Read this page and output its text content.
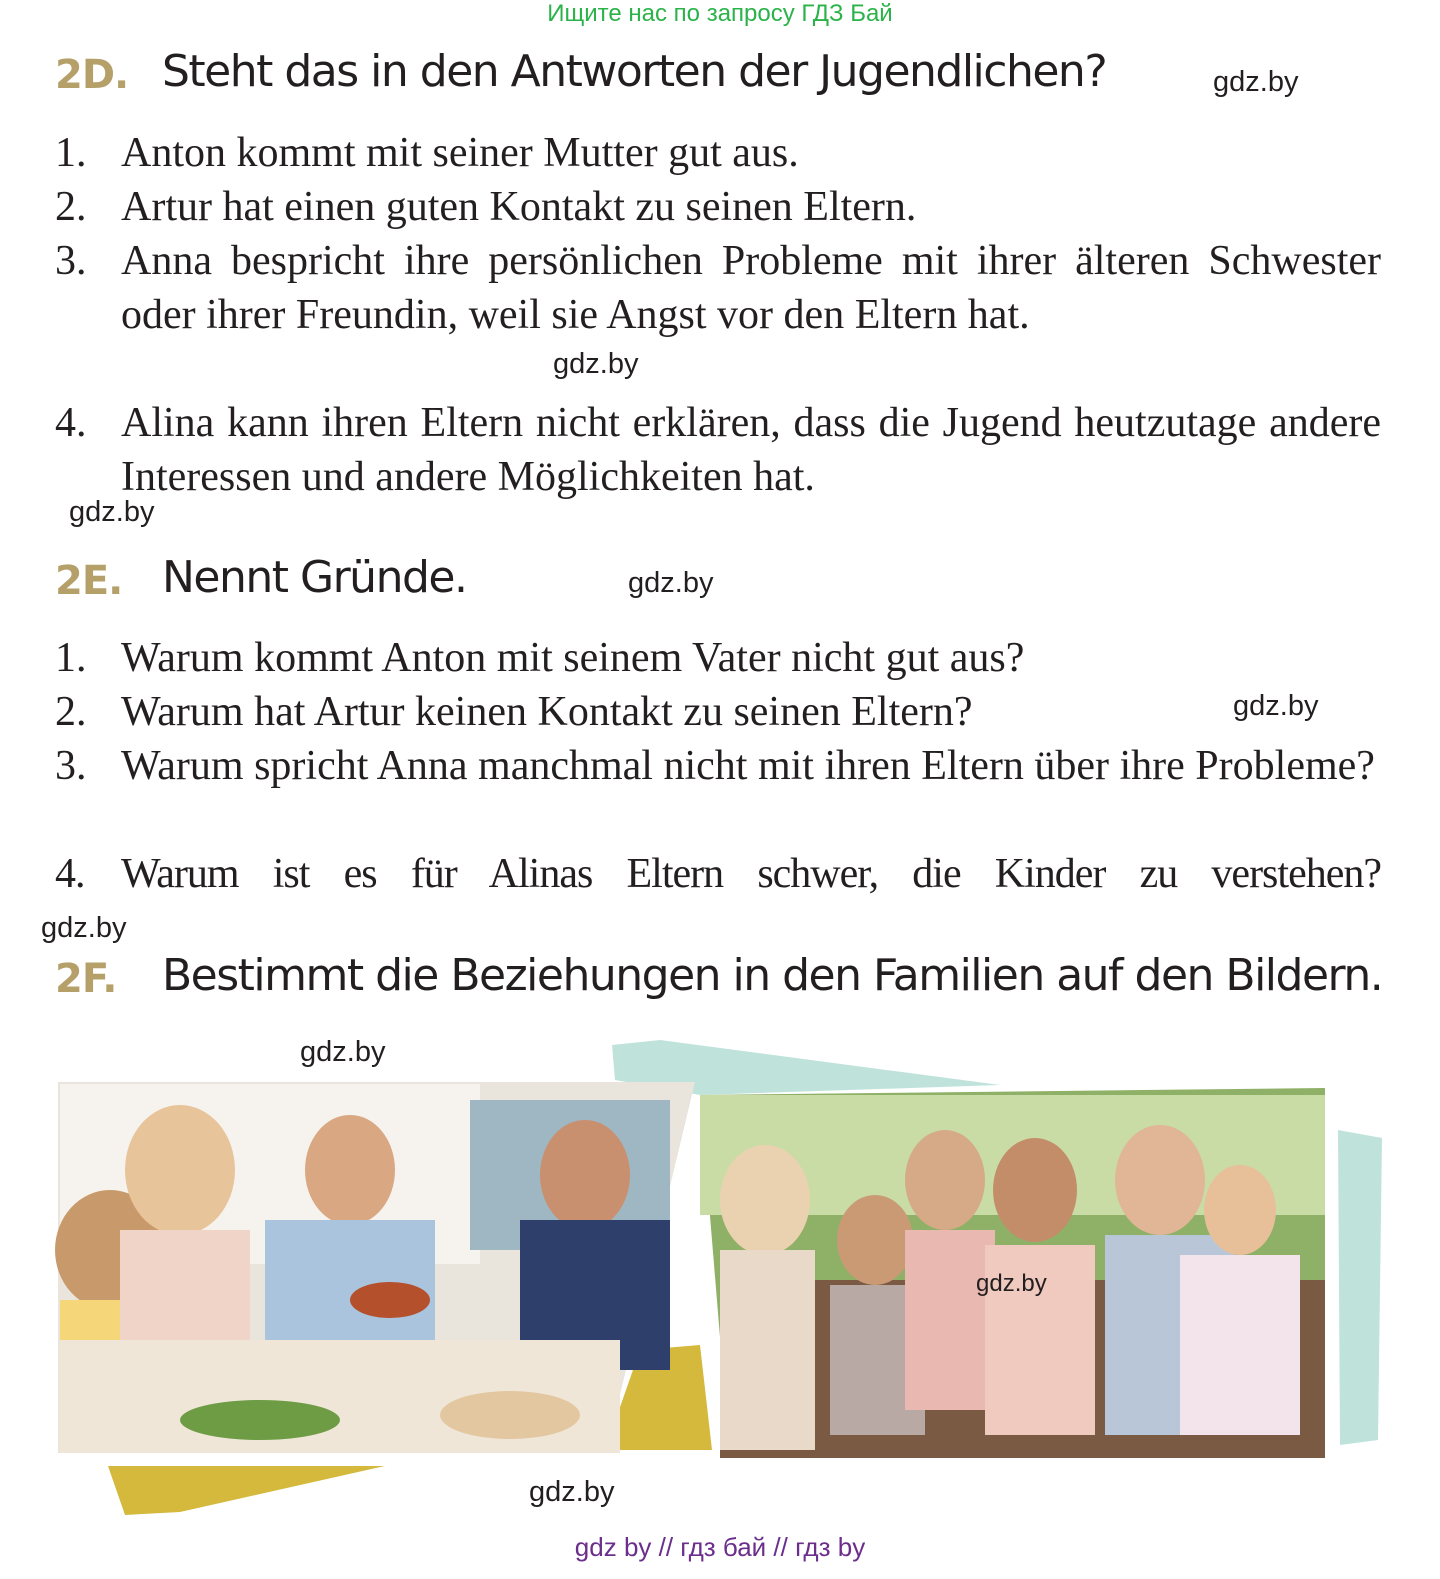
Ищите нас по запросу ГДЗ Бай
2D. Steht das in den Antworten der Jugendlichen?	gdz.by
1. Anton kommt mit seiner Mutter gut aus.
2. Artur hat einen guten Kontakt zu seinen Eltern.
3. Anna bespricht ihre persönlichen Probleme mit ihrer älteren Schwester oder ihrer Freundin, weil sie Angst vor den Eltern hat.
gdz.by
4. Alina kann ihren Eltern nicht erklären, dass die Jugend heutzutage andere Interessen und andere Möglichkeiten hat.
gdz.by
2E. Nennt Gründe.	gdz.by
1. Warum kommt Anton mit seinem Vater nicht gut aus?
2. Warum hat Artur keinen Kontakt zu seinen Eltern?	gdz.by
3. Warum spricht Anna manchmal nicht mit ihren Eltern über ihre Probleme?
4. Warum ist es für Alinas Eltern schwer, die Kinder zu verstehen?
gdz.by
2F. Bestimmt die Beziehungen in den Familien auf den Bildern.
gdz.by
gdz.by
gdz.by
gdz by // гдз бай // гдз by
